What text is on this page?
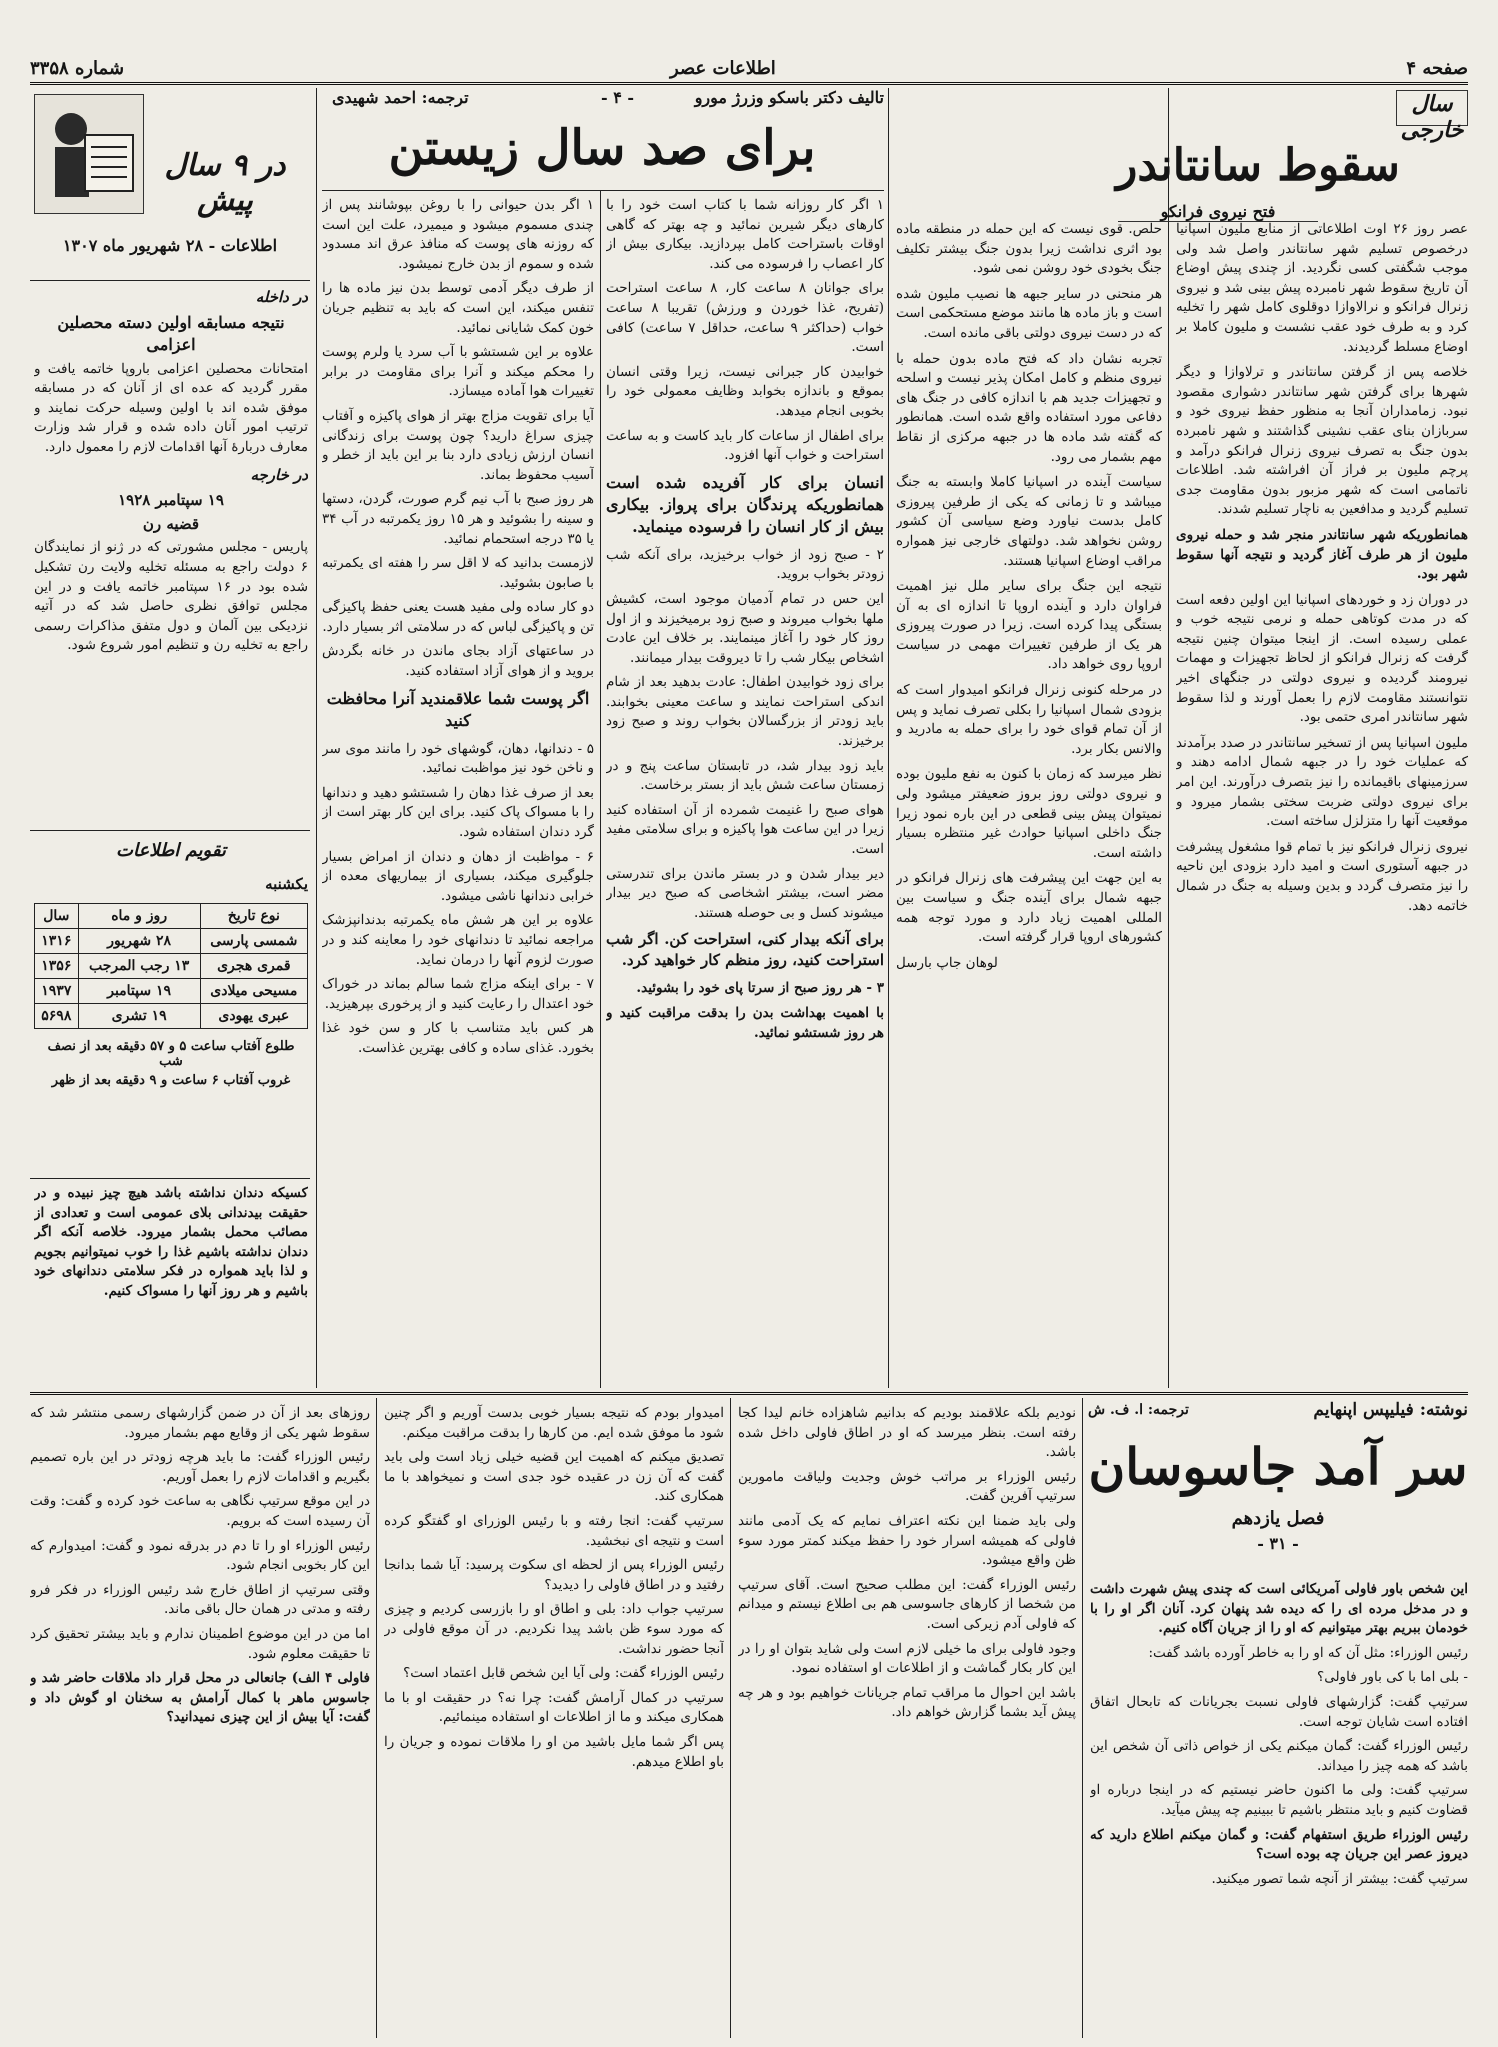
صفحه ۴
اطلاعات عصر
شماره ۳۳۵۸
سال خارجی
سقوط سانتاندر
فتح نیروی فرانکو

عصر روز ۲۶ اوت اطلاعاتی از منابع ملیون اسپانیا درخصوص تسلیم شهر سانتاندر واصل شد ولی موجب شگفتی کسی نگردید. از چندی پیش اوضاع آن تاریخ سقوط شهر نامبرده پیش بینی شد و نیروی زنرال فرانکو و نرالاوازا دوقلوی کامل شهر را تخلیه کرد و به طرف خود عقب نشست و ملیون کاملا بر اوضاع مسلط گردیدند.

خلاصه پس از گرفتن سانتاندر و ترلاوازا و دیگر شهرها برای گرفتن شهر سانتاندر دشواری مقصود نبود. زمامداران آنجا به منظور حفظ نیروی خود و سربازان بنای عقب نشینی گذاشتند و شهر نامبرده بدون جنگ به تصرف نیروی زنرال فرانکو درآمد و پرچم ملیون بر فراز آن افراشته شد. اطلاعات ناتمامی است که شهر مزبور بدون مقاومت جدی تسلیم گردید و مدافعین به ناچار تسلیم شدند.

همانطوریکه شهر سانتاندر منجر شد و حمله نیروی ملیون از هر طرف آغاز گردید و نتیجه آنها سقوط شهر بود.

در دوران زد و خوردهای اسپانیا این اولین دفعه است که در مدت کوتاهی حمله و نرمی نتیجه خوب و عملی رسیده است. از اینجا میتوان چنین نتیجه گرفت که زنرال فرانکو از لحاظ تجهیزات و مهمات نیرومند گردیده و نیروی دولتی در جنگهای اخیر نتوانستند مقاومت لازم را بعمل آورند و لذا سقوط شهر سانتاندر امری حتمی بود.

ملیون اسپانیا پس از تسخیر سانتاندر در صدد برآمدند که عملیات خود را در جبهه شمال ادامه دهند و سرزمینهای باقیمانده را نیز بتصرف درآورند. این امر برای نیروی دولتی ضربت سختی بشمار میرود و موقعیت آنها را متزلزل ساخته است.

نیروی زنرال فرانکو نیز با تمام قوا مشغول پیشرفت در جبهه آستوری است و امید دارد بزودی این ناحیه را نیز متصرف گردد و بدین وسیله به جنگ در شمال خاتمه دهد.

حلص. قوی نیست که این حمله در منطقه ماده بود اثری نداشت زیرا بدون جنگ بیشتر تکلیف جنگ بخودی خود روشن نمی شود.

هر منحنی در سایر جبهه ها نصیب ملیون شده است و باز ماده ها مانند موضع مستحکمی است که در دست نیروی دولتی باقی مانده است.

تجربه نشان داد که فتح ماده بدون حمله با نیروی منظم و کامل امکان پذیر نیست و اسلحه و تجهیزات جدید هم با اندازه کافی در جنگ های دفاعی مورد استفاده واقع شده است. همانطور که گفته شد ماده ها در جبهه مرکزی از نقاط مهم بشمار می رود.

سیاست آینده در اسپانیا کاملا وابسته به جنگ میباشد و تا زمانی که یکی از طرفین پیروزی کامل بدست نیاورد وضع سیاسی آن کشور روشن نخواهد شد. دولتهای خارجی نیز همواره مراقب اوضاع اسپانیا هستند.

نتیجه این جنگ برای سایر ملل نیز اهمیت فراوان دارد و آینده اروپا تا اندازه ای به آن بستگی پیدا کرده است. زیرا در صورت پیروزی هر یک از طرفین تغییرات مهمی در سیاست اروپا روی خواهد داد.

در مرحله کنونی زنرال فرانکو امیدوار است که بزودی شمال اسپانیا را بکلی تصرف نماید و پس از آن تمام قوای خود را برای حمله به مادرید و والانس بکار برد.

نظر میرسد که زمان با کنون به نفع ملیون بوده و نیروی دولتی روز بروز ضعیفتر میشود ولی نمیتوان پیش بینی قطعی در این باره نمود زیرا جنگ داخلی اسپانیا حوادث غیر منتظره بسیار داشته است.

به این جهت این پیشرفت های زنرال فرانکو در جبهه شمال برای آینده جنگ و سیاست بین المللی اهمیت زیاد دارد و مورد توجه همه کشورهای اروپا قرار گرفته است.

لوهان جاپ بارسل

تالیف دکتر باسکو وزرژ مورو
- ۴ -
ترجمه: احمد شهیدی
برای صد سال زیستن

۱ اگر کار روزانه شما با کتاب است خود را با کارهای دیگر شیرین نمائید و چه بهتر که گاهی اوقات باستراحت کامل بپردازید. بیکاری بیش از کار اعصاب را فرسوده می کند.

برای جوانان ۸ ساعت کار، ۸ ساعت استراحت (تفریح، غذا خوردن و ورزش) تقریبا ۸ ساعت خواب (حداکثر ۹ ساعت، حداقل ۷ ساعت) کافی است.

خوابیدن کار جبرانی نیست، زیرا وقتی انسان بموقع و باندازه بخوابد وظایف معمولی خود را بخوبی انجام میدهد.

برای اطفال از ساعات کار باید کاست و به ساعت استراحت و خواب آنها افزود.

انسان برای کار آفریده شده است همانطوریکه پرندگان برای پرواز. بیکاری بیش از کار انسان را فرسوده مینماید.

۲ - صبح زود از خواب برخیزید، برای آنکه شب زودتر بخواب بروید.

این حس در تمام آدمیان موجود است، کشیش ملها بخواب میروند و صبح زود برمیخیزند و از اول روز کار خود را آغاز مینمایند. بر خلاف این عادت اشخاص بیکار شب را تا دیروقت بیدار میمانند.

برای زود خوابیدن اطفال: عادت بدهید بعد از شام اندکی استراحت نمایند و ساعت معینی بخوابند. باید زودتر از بزرگسالان بخواب روند و صبح زود برخیزند.

باید زود بیدار شد، در تابستان ساعت پنج و در زمستان ساعت شش باید از بستر برخاست.

هوای صبح را غنیمت شمرده از آن استفاده کنید زیرا در این ساعت هوا پاکیزه و برای سلامتی مفید است.

دیر بیدار شدن و در بستر ماندن برای تندرستی مضر است، بیشتر اشخاصی که صبح دیر بیدار میشوند کسل و بی حوصله هستند.

برای آنکه بیدار کنی، استراحت کن. اگر شب استراحت کنید، روز منظم کار خواهید کرد.

۳ - هر روز صبح از سرتا پای خود را بشوئید.

با اهمیت بهداشت بدن را بدقت مراقبت کنید و هر روز شستشو نمائید.

۱ اگر بدن حیوانی را با روغن بپوشانند پس از چندی مسموم میشود و میمیرد، علت این است که روزنه های پوست که منافذ عرق اند مسدود شده و سموم از بدن خارج نمیشود.

از طرف دیگر آدمی توسط بدن نیز ماده ها را تنفس میکند، این است که باید به تنظیم جریان خون کمک شایانی نمائید.

علاوه بر این شستشو با آب سرد یا ولرم پوست را محکم میکند و آنرا برای مقاومت در برابر تغییرات هوا آماده میسازد.

آیا برای تقویت مزاج بهتر از هوای پاکیزه و آفتاب چیزی سراغ دارید؟ چون پوست برای زندگانی انسان ارزش زیادی دارد بنا بر این باید از خطر و آسیب محفوظ بماند.

هر روز صبح با آب نیم گرم صورت، گردن، دستها و سینه را بشوئید و هر ۱۵ روز یکمرتبه در آب ۳۴ یا ۳۵ درجه استحمام نمائید.

لازمست بدانید که لا اقل سر را هفته ای یکمرتبه با صابون بشوئید.

دو کار ساده ولی مفید هست یعنی حفظ پاکیزگی تن و پاکیزگی لباس که در سلامتی اثر بسیار دارد.

در ساعتهای آزاد بجای ماندن در خانه بگردش بروید و از هوای آزاد استفاده کنید.

اگر پوست شما علاقمندید آنرا محافظت کنید

۵ - دندانها، دهان، گوشهای خود را مانند موی سر و ناخن خود نیز مواظبت نمائید.

بعد از صرف غذا دهان را شستشو دهید و دندانها را با مسواک پاک کنید. برای این کار بهتر است از گرد دندان استفاده شود.

۶ - مواظبت از دهان و دندان از امراض بسیار جلوگیری میکند، بسیاری از بیماریهای معده از خرابی دندانها ناشی میشود.

علاوه بر این هر شش ماه یکمرتبه بدندانپزشک مراجعه نمائید تا دندانهای خود را معاینه کند و در صورت لزوم آنها را درمان نماید.

۷ - برای اینکه مزاج شما سالم بماند در خوراک خود اعتدال را رعایت کنید و از پرخوری بپرهیزید.

هر کس باید متناسب با کار و سن خود غذا بخورد. غذای ساده و کافی بهترین غذاست.

در ۹ سال پیش
اطلاعات - ۲۸ شهریور ماه ۱۳۰۷
در داخله
نتیجه مسابقه اولین دسته محصلین اعزامی

امتحانات محصلین اعزامی باروپا خاتمه یافت و مقرر گردید که عده ای از آنان که در مسابقه موفق شده اند با اولین وسیله حرکت نمایند و ترتیب امور آنان داده شده و قرار شد وزارت معارف دربارهٔ آنها اقدامات لازم را معمول دارد.

در خارجه
۱۹ سپتامبر ۱۹۲۸
قضیه رن

پاریس - مجلس مشورتی که در ژنو از نمایندگان ۶ دولت راجع به مسئله تخلیه ولایت رن تشکیل شده بود در ۱۶ سپتامبر خاتمه یافت و در این مجلس توافق نظری حاصل شد که در آتیه نزدیکی بین آلمان و دول متفق مذاکرات رسمی راجع به تخلیه رن و تنظیم امور شروع شود.

تقویم اطلاعات
یکشنبه
نوع تاریخ	روز و ماه	سال
شمسی پارسی	۲۸ شهریور	۱۳۱۶
قمری هجری	۱۳ رجب المرجب	۱۳۵۶
مسیحی میلادی	۱۹ سپتامبر	۱۹۳۷
عبری یهودی	۱۹ تشری	۵۶۹۸
طلوع آفتاب ساعت ۵ و ۵۷ دقیقه بعد از نصف شب
غروب آفتاب ۶ ساعت و ۹ دقیقه بعد از ظهر

کسیکه دندان نداشته باشد هیچ چیز نبیده و در حقیقت بیدندانی بلای عمومی است و تعدادی از مصائب محمل بشمار میرود. خلاصه آنکه اگر دندان نداشته باشیم غذا را خوب نمیتوانیم بجویم و لذا باید همواره در فکر سلامتی دندانهای خود باشیم و هر روز آنها را مسواک کنیم.

نوشته: فیلیپس اپنهایم
ترجمه: ا. ف. ش
سر آمد جاسوسان
فصل یازدهم
- ۳۱ -

این شخص باور فاولی آمریکائی است که چندی پیش شهرت داشت و در مدخل مرده ای را که دیده شد پنهان کرد. آنان اگر او را با خودمان ببریم بهتر میتوانیم که او را از جریان آگاه کنیم.

رئیس الوزراء: مثل آن که او را به خاطر آورده باشد گفت:

- بلی اما با کی باور فاولی؟

سرتیپ گفت: گزارشهای فاولی نسبت بجریانات که تابحال اتفاق افتاده است شایان توجه است.

رئیس الوزراء گفت: گمان میکنم یکی از خواص ذاتی آن شخص این باشد که همه چیز را میداند.

سرتیپ گفت: ولی ما اکنون حاضر نیستیم که در اینجا درباره او قضاوت کنیم و باید منتظر باشیم تا ببینیم چه پیش میآید.

رئیس الوزراء طریق استفهام گفت: و گمان میکنم اطلاع دارید که دیروز عصر این جریان چه بوده است؟

سرتیپ گفت: بیشتر از آنچه شما تصور میکنید.

نودیم بلکه علاقمند بودیم که بدانیم شاهزاده خانم لیدا کجا رفته است. بنظر میرسد که او در اطاق فاولی داخل شده باشد.

رئیس الوزراء بر مراتب خوش وجدیت ولیاقت مامورین سرتیپ آفرین گفت.

ولی باید ضمنا این نکته اعتراف نمایم که یک آدمی مانند فاولی که همیشه اسرار خود را حفظ میکند کمتر مورد سوء ظن واقع میشود.

رئیس الوزراء گفت: این مطلب صحیح است. آقای سرتیپ من شخصا از کارهای جاسوسی هم بی اطلاع نیستم و میدانم که فاولی آدم زیرکی است.

وجود فاولی برای ما خیلی لازم است ولی شاید بتوان او را در این کار بکار گماشت و از اطلاعات او استفاده نمود.

باشد این احوال ما مراقب تمام جریانات خواهیم بود و هر چه پیش آید بشما گزارش خواهم داد.

امیدوار بودم که نتیجه بسیار خوبی بدست آوریم و اگر چنین شود ما موفق شده ایم. من کارها را بدقت مراقبت میکنم.

تصدیق میکنم که اهمیت این قضیه خیلی زیاد است ولی باید گفت که آن زن در عقیده خود جدی است و نمیخواهد با ما همکاری کند.

سرتیپ گفت: انجا رفته و با رئیس الوزرای او گفتگو کرده است و نتیجه ای نبخشید.

رئیس الوزراء پس از لحظه ای سکوت پرسید: آیا شما بدانجا رفتید و در اطاق فاولی را دیدید؟

سرتیپ جواب داد: بلی و اطاق او را بازرسی کردیم و چیزی که مورد سوء ظن باشد پیدا نکردیم. در آن موقع فاولی در آنجا حضور نداشت.

رئیس الوزراء گفت: ولی آیا این شخص قابل اعتماد است؟

سرتیپ در کمال آرامش گفت: چرا نه؟ در حقیقت او با ما همکاری میکند و ما از اطلاعات او استفاده مینمائیم.

پس اگر شما مایل باشید من او را ملاقات نموده و جریان را باو اطلاع میدهم.

روزهای بعد از آن در ضمن گزارشهای رسمی منتشر شد که سقوط شهر یکی از وقایع مهم بشمار میرود.

رئیس الوزراء گفت: ما باید هرچه زودتر در این باره تصمیم بگیریم و اقدامات لازم را بعمل آوریم.

در این موقع سرتیپ نگاهی به ساعت خود کرده و گفت: وقت آن رسیده است که برویم.

رئیس الوزراء او را تا دم در بدرقه نمود و گفت: امیدوارم که این کار بخوبی انجام شود.

وقتی سرتیپ از اطاق خارج شد رئیس الوزراء در فکر فرو رفته و مدتی در همان حال باقی ماند.

اما من در این موضوع اطمینان ندارم و باید بیشتر تحقیق کرد تا حقیقت معلوم شود.

فاولی ۴ الف) جانعالی در محل قرار داد ملاقات حاضر شد و جاسوس ماهر با کمال آرامش به سخنان او گوش داد و گفت: آیا بیش از این چیزی نمیدانید؟
